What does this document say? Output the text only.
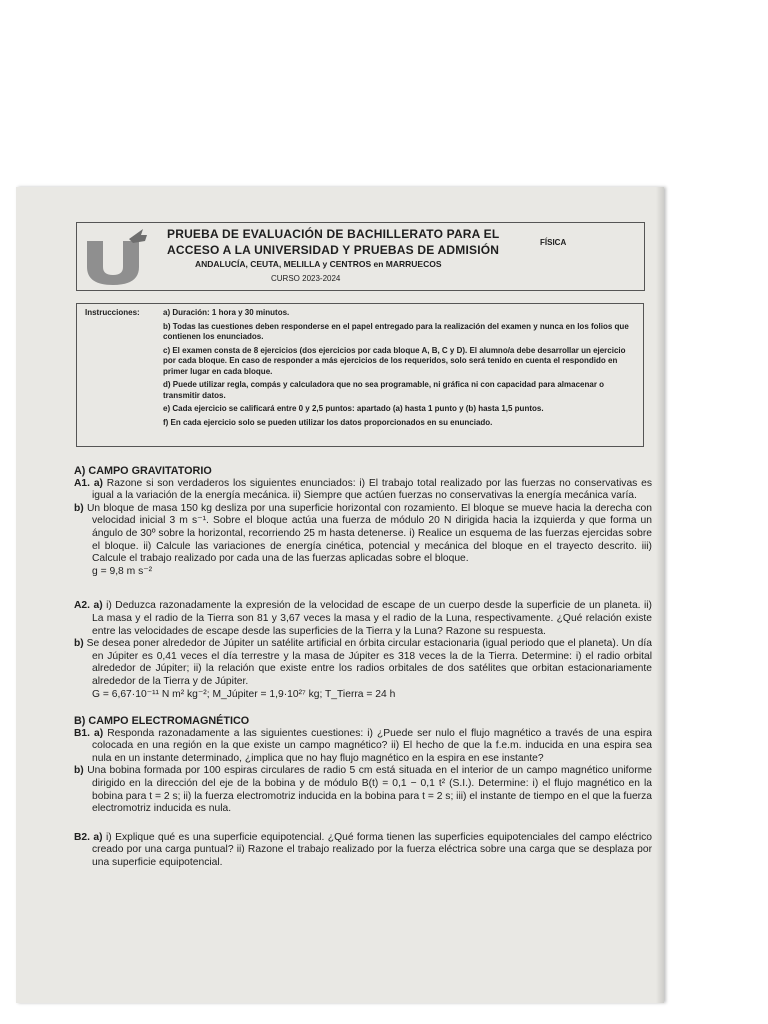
PRUEBA DE EVALUACIÓN DE BACHILLERATO PARA EL
ACCESO A LA UNIVERSIDAD Y PRUEBAS DE ADMISIÓN
FÍSICA
ANDALUCÍA, CEUTA, MELILLA y CENTROS en MARRUECOS
CURSO 2023-2024
Instrucciones:	a) Duración: 1 hora y 30 minutos.
b) Todas las cuestiones deben responderse en el papel entregado para la realización del examen y nunca en los folios que contienen los enunciados.
c) El examen consta de 8 ejercicios (dos ejercicios por cada bloque A, B, C y D). El alumno/a debe desarrollar un ejercicio por cada bloque. En caso de responder a más ejercicios de los requeridos, solo será tenido en cuenta el respondido en primer lugar en cada bloque.
d) Puede utilizar regla, compás y calculadora que no sea programable, ni gráfica ni con capacidad para almacenar o transmitir datos.
e) Cada ejercicio se calificará entre 0 y 2,5 puntos: apartado (a) hasta 1 punto y (b) hasta 1,5 puntos.
f) En cada ejercicio solo se pueden utilizar los datos proporcionados en su enunciado.

A) CAMPO GRAVITATORIO

A1. a) Razone si son verdaderos los siguientes enunciados: i) El trabajo total realizado por las fuerzas no conservativas es igual a la variación de la energía mecánica. ii) Siempre que actúen fuerzas no conservativas la energía mecánica varía.

b) Un bloque de masa 150 kg desliza por una superficie horizontal con rozamiento. El bloque se mueve hacia la derecha con velocidad inicial 3 m s⁻¹. Sobre el bloque actúa una fuerza de módulo 20 N dirigida hacia la izquierda y que forma un ángulo de 30º sobre la horizontal, recorriendo 25 m hasta detenerse. i) Realice un esquema de las fuerzas ejercidas sobre el bloque. ii) Calcule las variaciones de energía cinética, potencial y mecánica del bloque en el trayecto descrito. iii) Calcule el trabajo realizado por cada una de las fuerzas aplicadas sobre el bloque.

g = 9,8 m s⁻²

A2. a) i) Deduzca razonadamente la expresión de la velocidad de escape de un cuerpo desde la superficie de un planeta. ii) La masa y el radio de la Tierra son 81 y 3,67 veces la masa y el radio de la Luna, respectivamente. ¿Qué relación existe entre las velocidades de escape desde las superficies de la Tierra y la Luna? Razone su respuesta.

b) Se desea poner alrededor de Júpiter un satélite artificial en órbita circular estacionaria (igual periodo que el planeta). Un día en Júpiter es 0,41 veces el día terrestre y la masa de Júpiter es 318 veces la de la Tierra. Determine: i) el radio orbital alrededor de Júpiter; ii) la relación que existe entre los radios orbitales de dos satélites que orbitan estacionariamente alrededor de la Tierra y de Júpiter.

G = 6,67·10⁻¹¹ N m² kg⁻²; M_Júpiter = 1,9·10²⁷ kg; T_Tierra = 24 h

B) CAMPO ELECTROMAGNÉTICO

B1. a) Responda razonadamente a las siguientes cuestiones: i) ¿Puede ser nulo el flujo magnético a través de una espira colocada en una región en la que existe un campo magnético? ii) El hecho de que la f.e.m. inducida en una espira sea nula en un instante determinado, ¿implica que no hay flujo magnético en la espira en ese instante?

b) Una bobina formada por 100 espiras circulares de radio 5 cm está situada en el interior de un campo magnético uniforme dirigido en la dirección del eje de la bobina y de módulo B(t) = 0,1 − 0,1 t² (S.I.). Determine: i) el flujo magnético en la bobina para t = 2 s; ii) la fuerza electromotriz inducida en la bobina para t = 2 s; iii) el instante de tiempo en el que la fuerza electromotriz inducida es nula.

B2. a) i) Explique qué es una superficie equipotencial. ¿Qué forma tienen las superficies equipotenciales del campo eléctrico creado por una carga puntual? ii) Razone el trabajo realizado por la fuerza eléctrica sobre una carga que se desplaza por una superficie equipotencial.
